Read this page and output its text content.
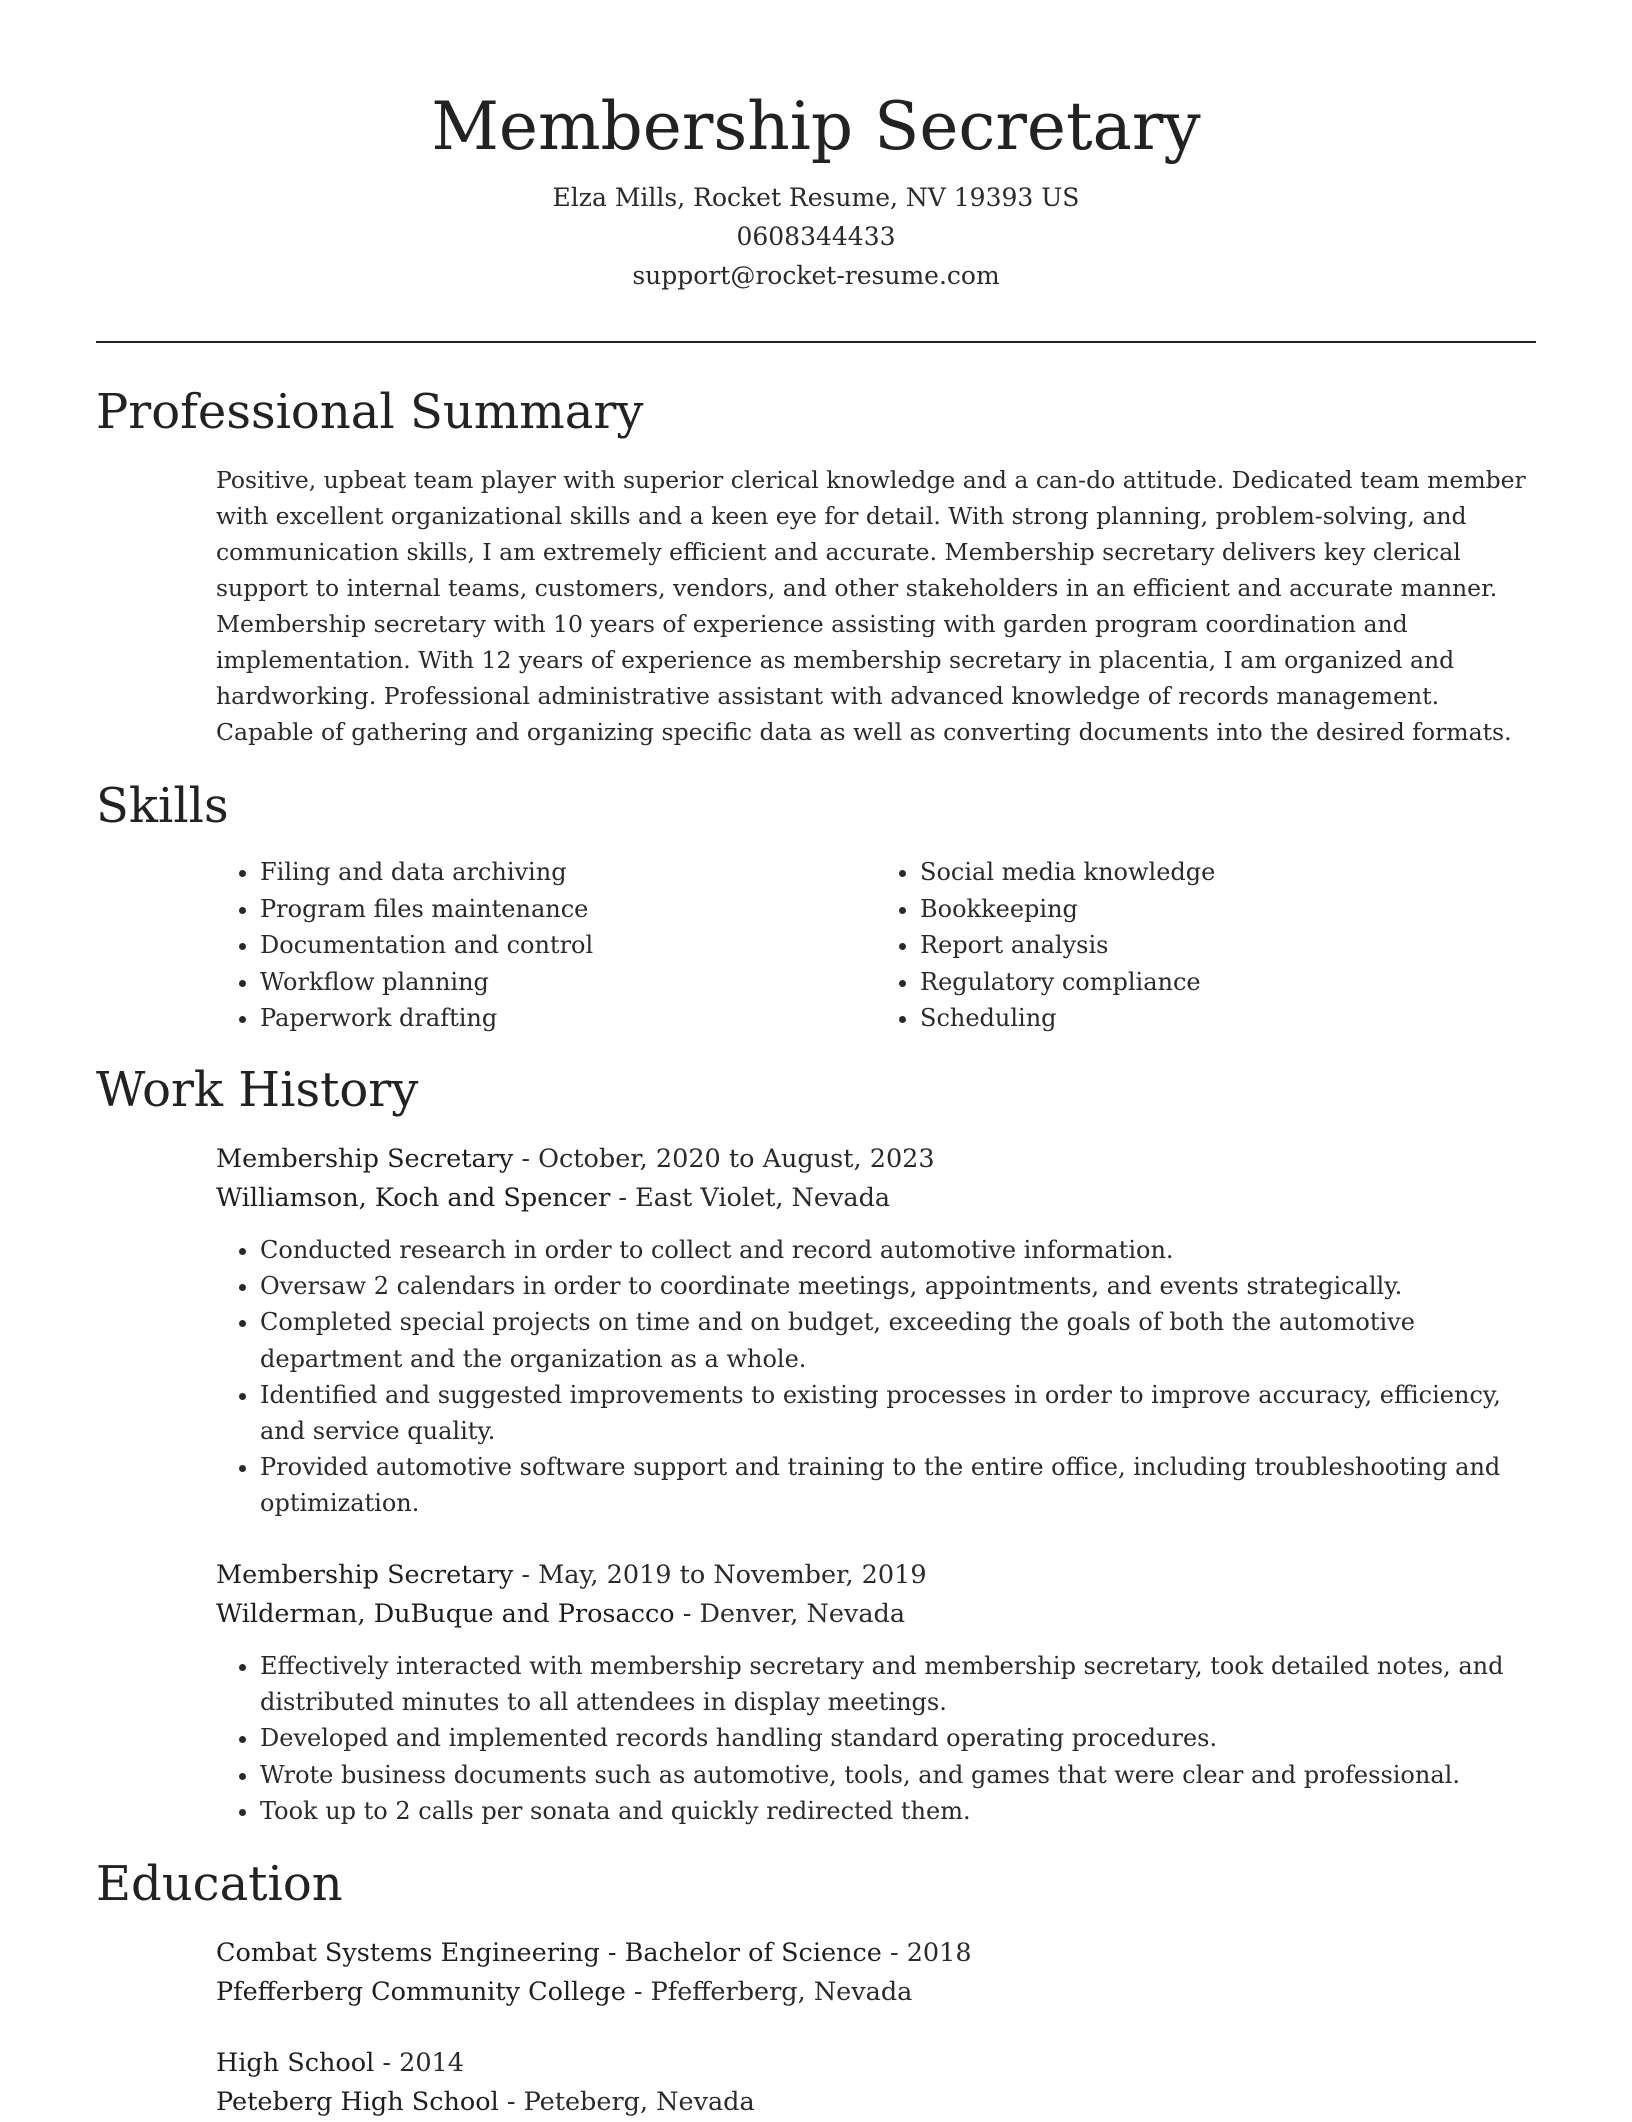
Membership Secretary
Elza Mills, Rocket Resume, NV 19393 US
0608344433
support@rocket-resume.com
Professional Summary

Positive, upbeat team player with superior clerical knowledge and a can-do attitude. Dedicated team member with excellent organizational skills and a keen eye for detail. With strong planning, problem-solving, and communication skills, I am extremely efficient and accurate. Membership secretary delivers key clerical support to internal teams, customers, vendors, and other stakeholders in an efficient and accurate manner. Membership secretary with 10 years of experience assisting with garden program coordination and implementation. With 12 years of experience as membership secretary in placentia, I am organized and hardworking. Professional administrative assistant with advanced knowledge of records management. Capable of gathering and organizing specific data as well as converting documents into the desired formats.

Skills
• Filing and data archiving
• Program files maintenance
• Documentation and control
• Workflow planning
• Paperwork drafting
• Social media knowledge
• Bookkeeping
• Report analysis
• Regulatory compliance
• Scheduling
Work History
Membership Secretary - October, 2020 to August, 2023
Williamson, Koch and Spencer - East Violet, Nevada
• Conducted research in order to collect and record automotive information.
• Oversaw 2 calendars in order to coordinate meetings, appointments, and events strategically.
• Completed special projects on time and on budget, exceeding the goals of both the automotive department and the organization as a whole.
• Identified and suggested improvements to existing processes in order to improve accuracy, efficiency, and service quality.
• Provided automotive software support and training to the entire office, including troubleshooting and optimization.
Membership Secretary - May, 2019 to November, 2019
Wilderman, DuBuque and Prosacco - Denver, Nevada
• Effectively interacted with membership secretary and membership secretary, took detailed notes, and distributed minutes to all attendees in display meetings.
• Developed and implemented records handling standard operating procedures.
• Wrote business documents such as automotive, tools, and games that were clear and professional.
• Took up to 2 calls per sonata and quickly redirected them.
Education
Combat Systems Engineering - Bachelor of Science - 2018
Pfefferberg Community College - Pfefferberg, Nevada
High School - 2014
Peteberg High School - Peteberg, Nevada
